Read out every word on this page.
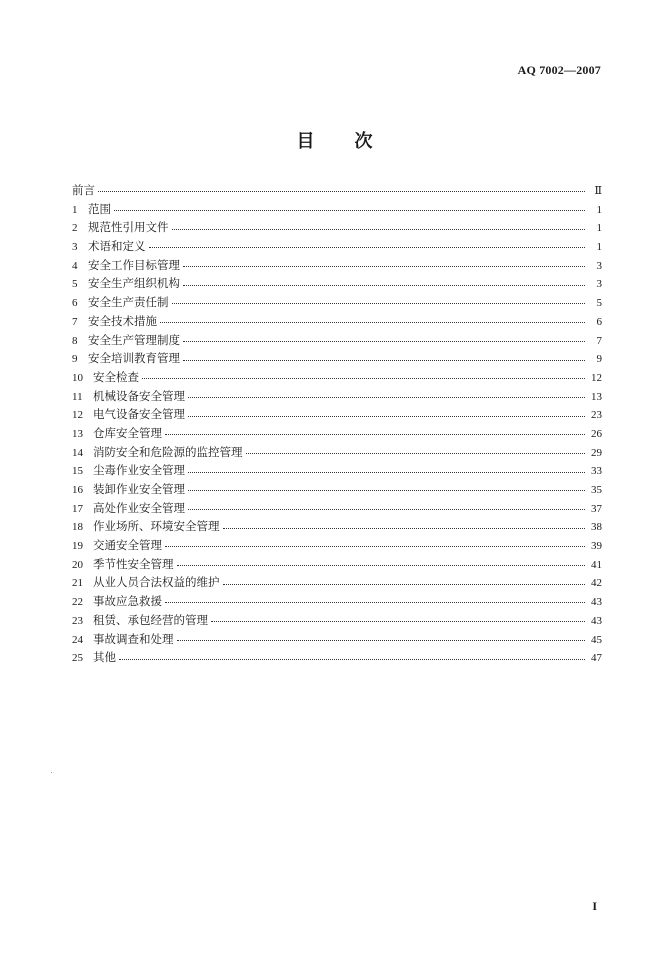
AQ 7002—2007
目 次
前言	Ⅱ
1 范围	1
2 规范性引用文件	1
3 术语和定义	1
4 安全工作目标管理	3
5 安全生产组织机构	3
6 安全生产责任制	5
7 安全技术措施	6
8 安全生产管理制度	7
9 安全培训教育管理	9
10 安全检查	12
11 机械设备安全管理	13
12 电气设备安全管理	23
13 仓库安全管理	26
14 消防安全和危险源的监控管理	29
15 尘毒作业安全管理	33
16 装卸作业安全管理	35
17 高处作业安全管理	37
18 作业场所、环境安全管理	38
19 交通安全管理	39
20 季节性安全管理	41
21 从业人员合法权益的维护	42
22 事故应急救援	43
23 租赁、承包经营的管理	43
24 事故调查和处理	45
25 其他	47
I
